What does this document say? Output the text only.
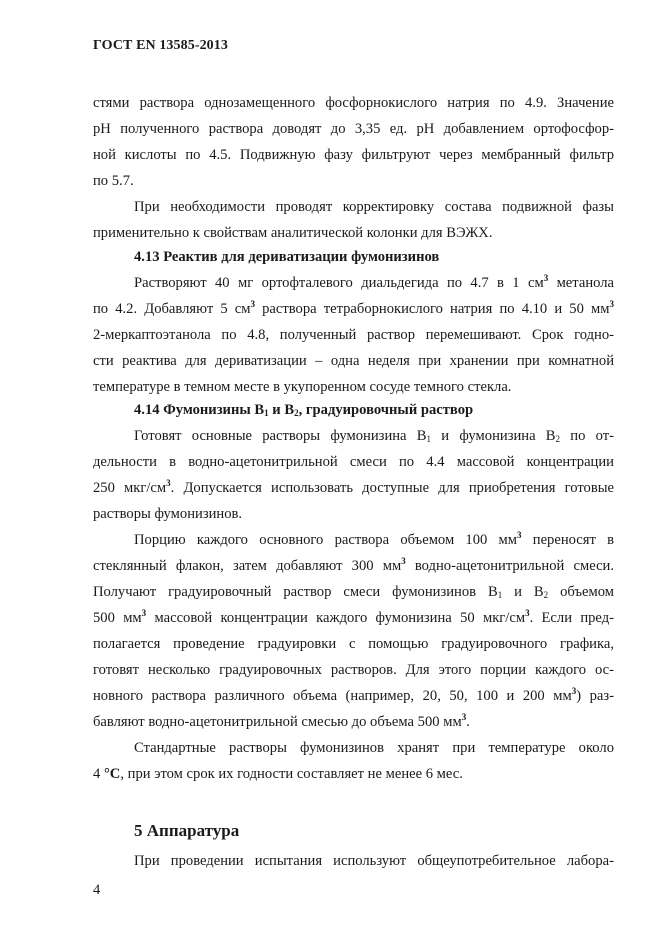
ГОСТ EN 13585-2013
стями раствора однозамещенного фосфорнокислого натрия по 4.9. Значение
pH полученного раствора доводят до 3,35 ед. pH добавлением ортофосфор-
ной кислоты по 4.5. Подвижную фазу фильтруют через мембранный фильтр
по 5.7.
При необходимости проводят корректировку состава подвижной фазы
применительно к свойствам аналитической колонки для ВЭЖХ.
4.13 Реактив для дериватизации фумонизинов
Растворяют 40 мг ортофталевого диальдегида по 4.7 в 1 $см^3$ метанола
по 4.2. Добавляют 5 $см^3$ раствора тетраборнокислого натрия по 4.10 и 50 $мм^3$
2-меркаптоэтанола по 4.8, полученный раствор перемешивают. Срок годно-
сти реактива для дериватизации – одна неделя при хранении при комнатной
температуре в темном месте в укупоренном сосуде темного стекла.
4.14 Фумонизины $B_1$ и $B_2$, градуировочный раствор
Готовят основные растворы фумонизина $B_1$ и фумонизина $B_2$ по от-
дельности в водно-ацетонитрильной смеси по 4.4 массовой концентрации
250 мкг/$см^3$. Допускается использовать доступные для приобретения готовые
растворы фумонизинов.
Порцию каждого основного раствора объемом 100 $мм^3$ переносят в
стеклянный флакон, затем добавляют 300 $мм^3$ водно-ацетонитрильной смеси.
Получают градуировочный раствор смеси фумонизинов $B_1$ и $B_2$ объемом
500 $мм^3$ массовой концентрации каждого фумонизина 50 мкг/$см^3$. Если пред-
полагается проведение градуировки с помощью градуировочного графика,
готовят несколько градуировочных растворов. Для этого порции каждого ос-
новного раствора различного объема (например, 20, 50, 100 и 200 $мм^3$) раз-
бавляют водно-ацетонитрильной смесью до объема 500 $мм^3$.
Стандартные растворы фумонизинов хранят при температуре около
4 °C, при этом срок их годности составляет не менее 6 мес.
5 Аппаратура
При проведении испытания используют общеупотребительное лабора-
4
